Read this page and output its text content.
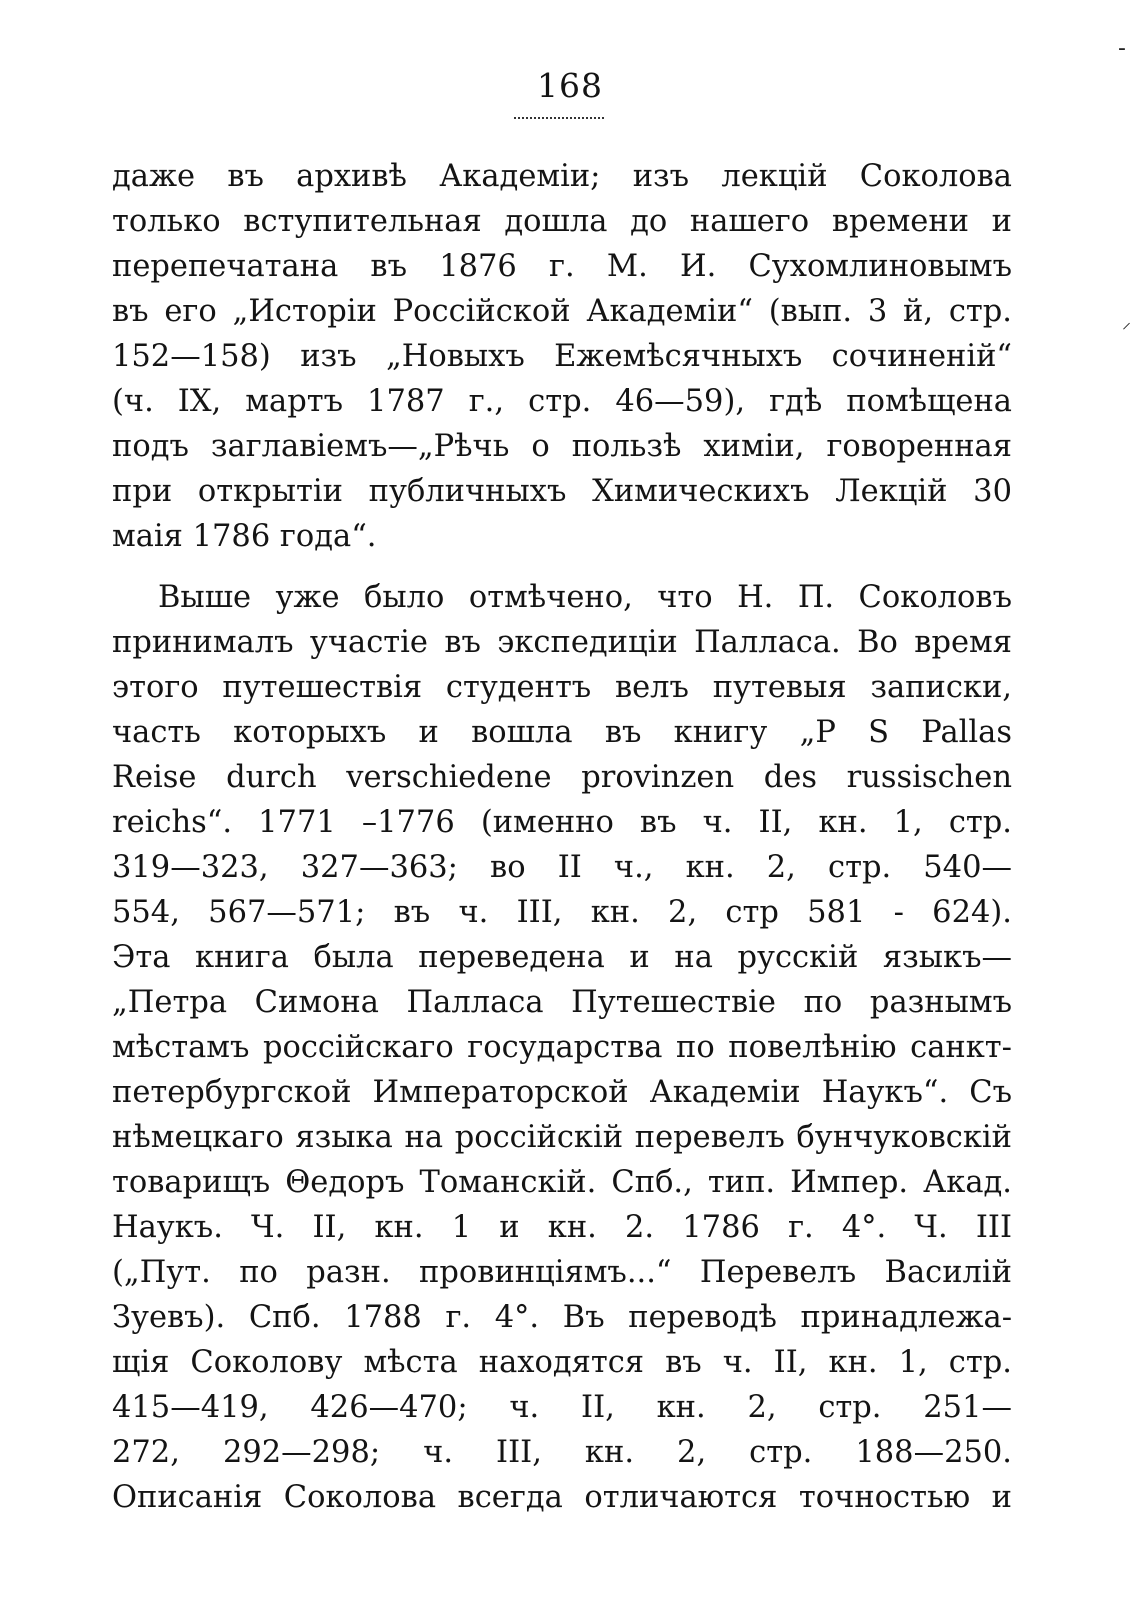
-
⸝
168
даже въ архивѣ Академіи; изъ лекцій Соколова
только вступительная дошла до нашего времени и
перепечатана въ 1876 г. М. И. Сухомлиновымъ
въ его „Исторіи Россійской Академіи“ (вып. 3 й, стр.
152—158) изъ „Новыхъ Ежемѣсячныхъ сочиненій“
(ч. IX, мартъ 1787 г., стр. 46—59), гдѣ помѣщена
подъ заглавіемъ—„Рѣчь о пользѣ химіи, говоренная
при открытіи публичныхъ Химическихъ Лекцій 30
маія 1786 года“.
Выше уже было отмѣчено, что Н. П. Соколовъ
принималъ участіе въ экспедиціи Палласа. Во время
этого путешествія студентъ велъ путевыя записки,
часть которыхъ и вошла въ книгу „P S Pallas
Reise durch verschiedene provinzen des russischen
reichs“. 1771 –1776 (именно въ ч. II, кн. 1, стр.
319—323, 327—363; во II ч., кн. 2, стр. 540—
554, 567—571; въ ч. III, кн. 2, стр 581 - 624).
Эта книга была переведена и на русскій языкъ—
„Петра Симона Палласа Путешествіе по разнымъ
мѣстамъ россійскаго государства по повелѣнію санкт-
петербургской Императорской Академіи Наукъ“. Съ
нѣмецкаго языка на россійскій перевелъ бунчуковскій
товарищъ Θедоръ Томанскій. Спб., тип. Импер. Акад.
Наукъ. Ч. II, кн. 1 и кн. 2. 1786 г. 4°. Ч. III
(„Пут. по разн. провинціямъ...“ Перевелъ Василій
Зуевъ). Спб. 1788 г. 4°. Въ переводѣ принадлежа-
щія Соколову мѣста находятся въ ч. II, кн. 1, стр.
415—419, 426—470; ч. II, кн. 2, стр. 251—
272, 292—298; ч. III, кн. 2, стр. 188—250.
Описанія Соколова всегда отличаются точностью и
